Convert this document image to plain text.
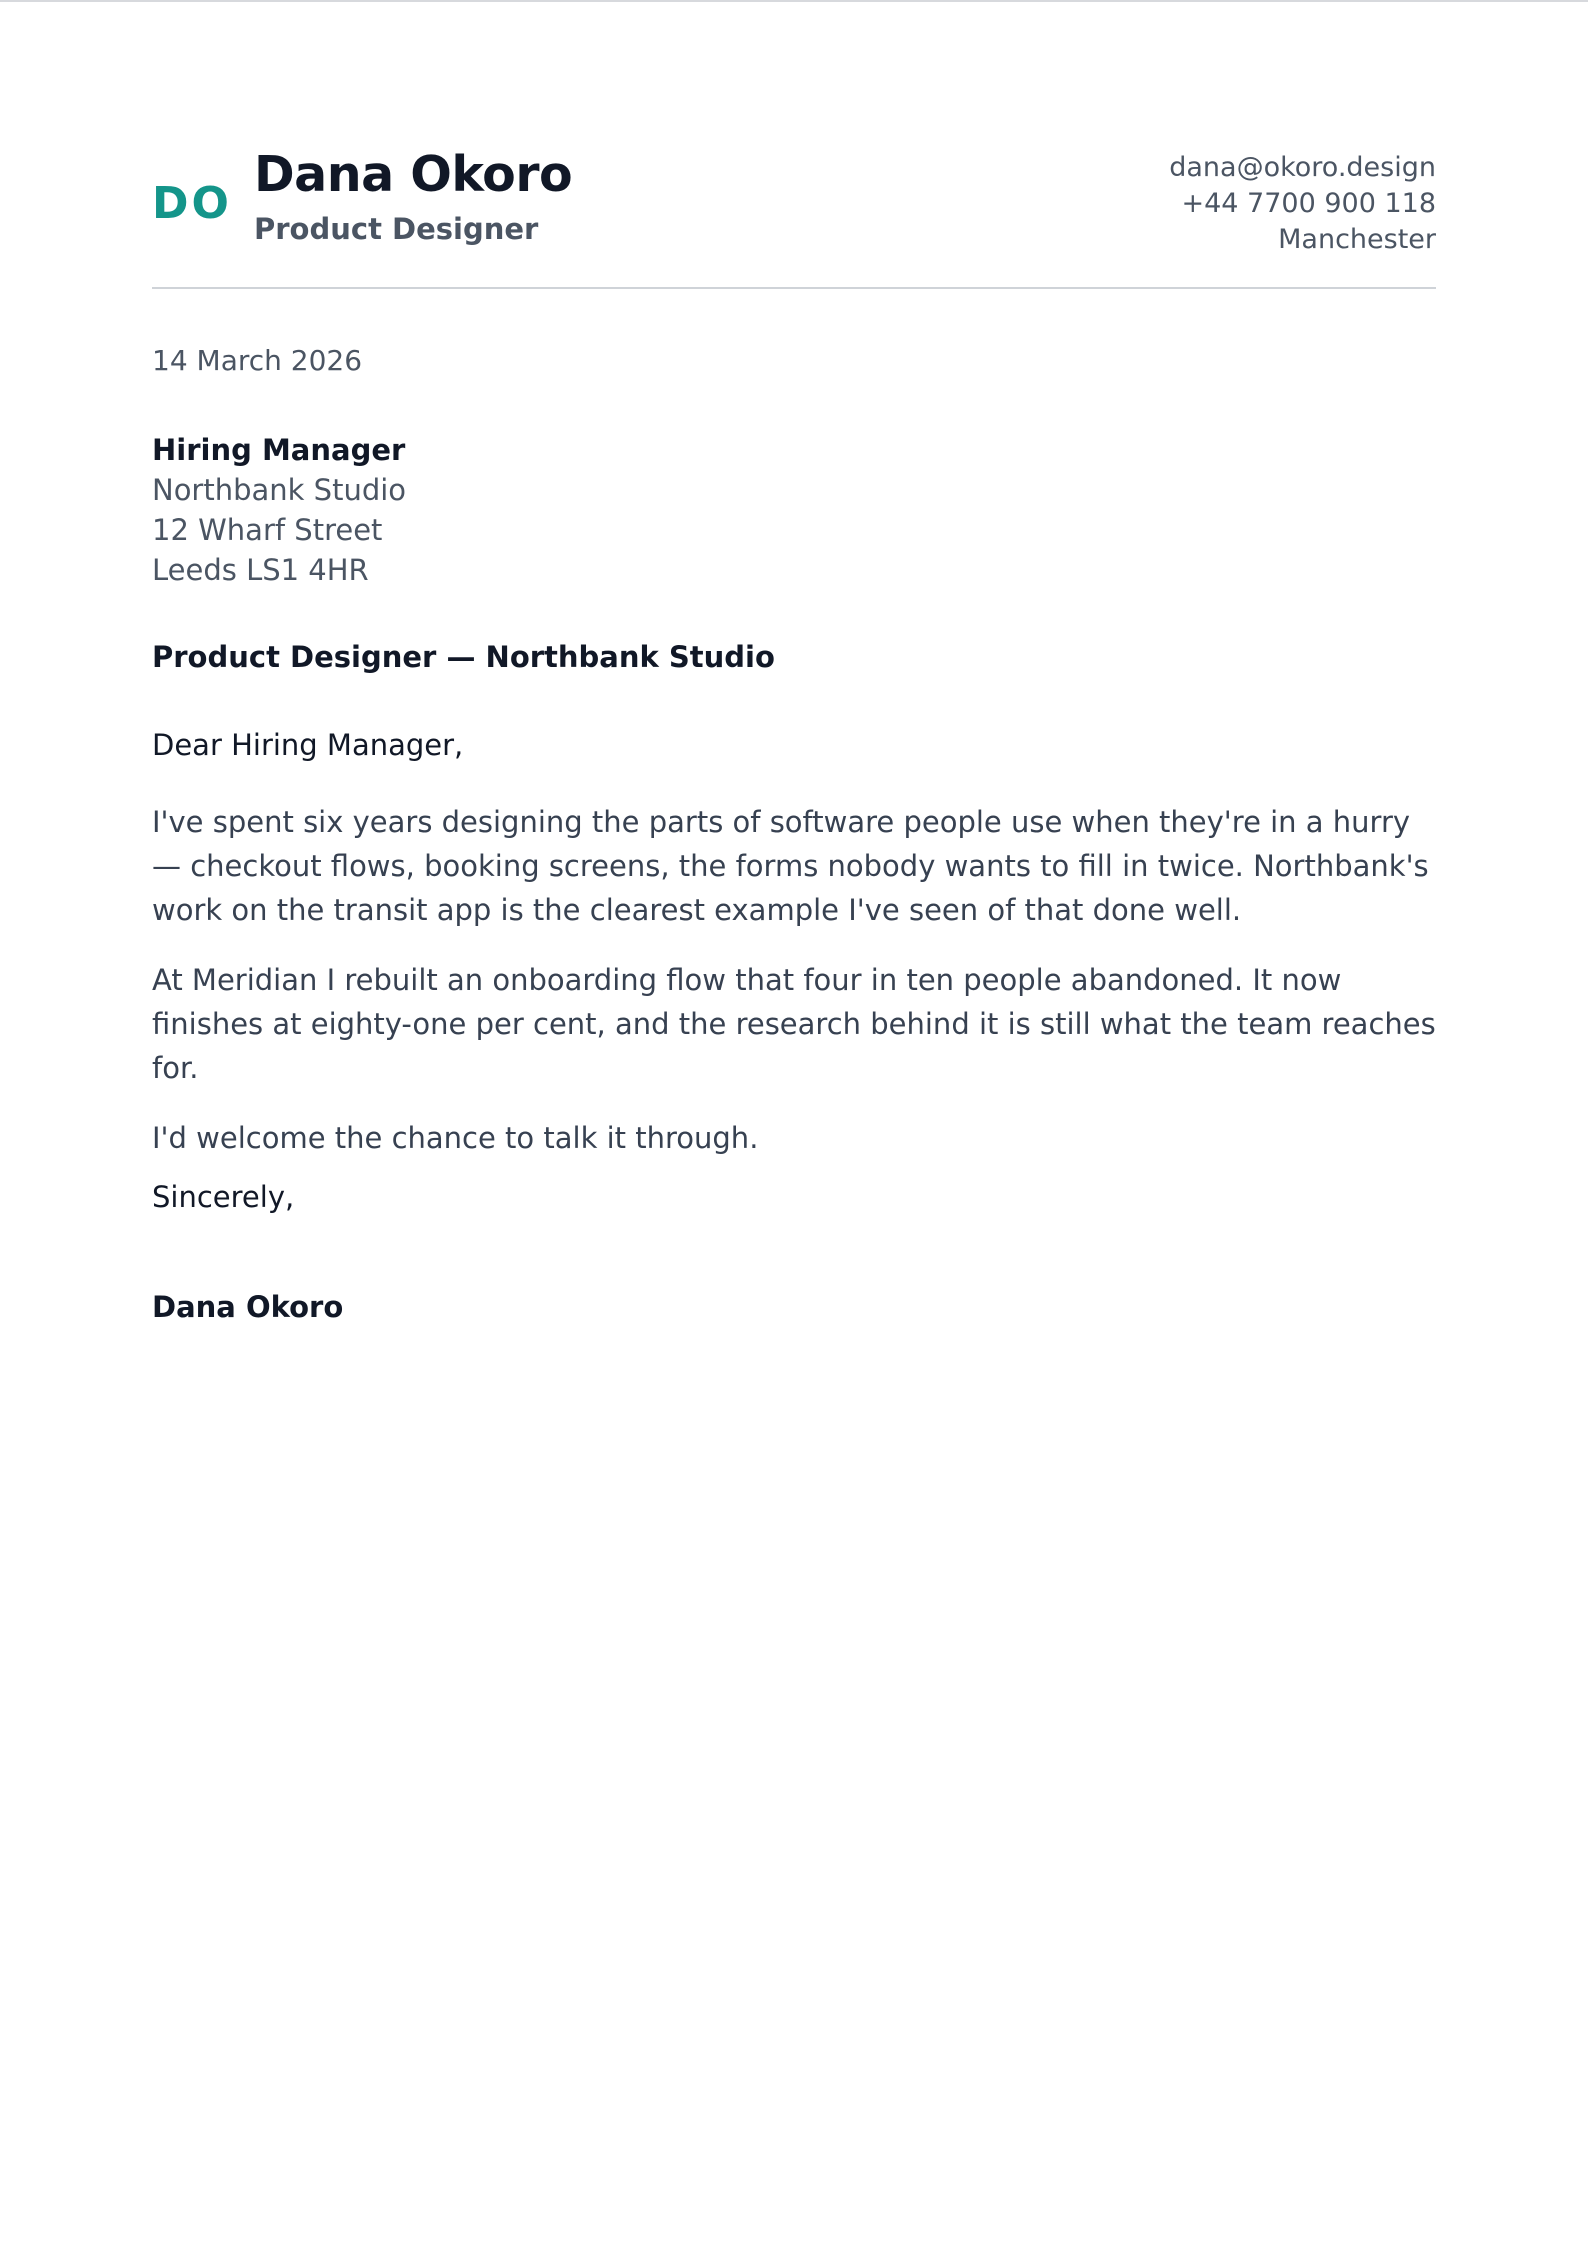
DO
Dana Okoro
Product Designer
dana@okoro.design
+44 7700 900 118
Manchester
14 March 2026
Hiring Manager
Northbank Studio
12 Wharf Street
Leeds LS1 4HR
Product Designer — Northbank Studio
Dear Hiring Manager,

I've spent six years designing the parts of software people use when they're in a hurry — checkout flows, booking screens, the forms nobody wants to fill in twice. Northbank's work on the transit app is the clearest example I've seen of that done well.

At Meridian I rebuilt an onboarding flow that four in ten people abandoned. It now finishes at eighty-one per cent, and the research behind it is still what the team reaches for.

I'd welcome the chance to talk it through.

Sincerely,
Dana Okoro
